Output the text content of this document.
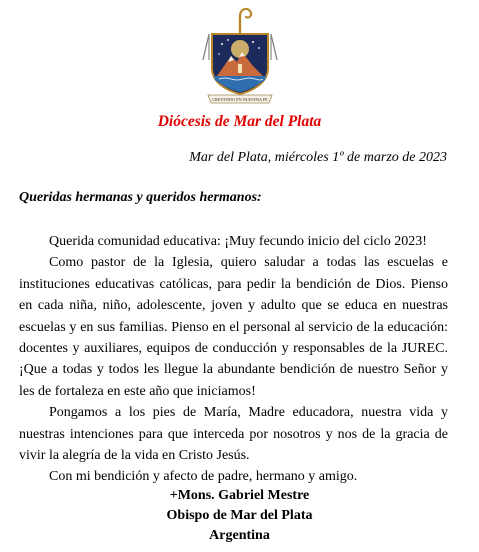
CREYENDO EN NUESTRA FE
Diócesis de Mar del Plata
Mar del Plata, miércoles 1º de marzo de 2023
Queridas hermanas y queridos hermanos:

Querida comunidad educativa: ¡Muy fecundo inicio del ciclo 2023!

Como pastor de la Iglesia, quiero saludar a todas las escuelas e instituciones educativas católicas, para pedir la bendición de Dios. Pienso en cada niña, niño, adolescente, joven y adulto que se educa en nuestras escuelas y en sus familias. Pienso en el personal al servicio de la educación: docentes y auxiliares, equipos de conducción y responsables de la JUREC. ¡Que a todas y todos les llegue la abundante bendición de nuestro Señor y les de fortaleza en este año que iniciamos!

Pongamos a los pies de María, Madre educadora, nuestra vida y nuestras intenciones para que interceda por nosotros y nos de la gracia de vivir la alegría de la vida en Cristo Jesús.

Con mi bendición y afecto de padre, hermano y amigo.

+Mons. Gabriel Mestre
Obispo de Mar del Plata
Argentina
